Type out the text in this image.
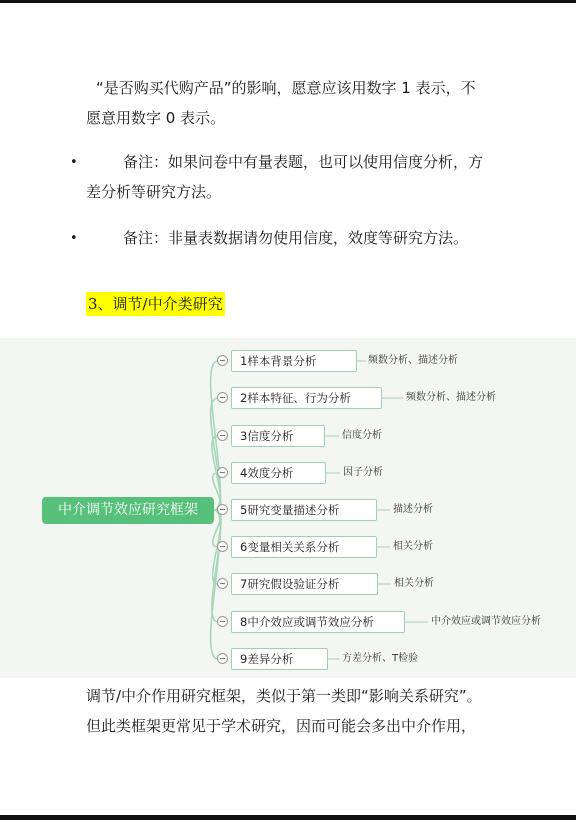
“是否购买代购产品”的影响，愿意应该用数字 1 表示，不
愿意用数字 0 表示。
•	备注：如果问卷中有量表题，也可以使用信度分析，方
差分析等研究方法。
•	备注：非量表数据请勿使用信度，效度等研究方法。
3、调节/中介类研究
中介调节效应研究框架
1样本背景分析	频数分析、描述分析
2样本特征、行为分析	频数分析、描述分析
3信度分析	信度分析
4效度分析	因子分析
5研究变量描述分析	描述分析
6变量相关关系分析	相关分析
7研究假设验证分析	相关分析
8中介效应或调节效应分析	中介效应或调节效应分析
9差异分析	方差分析、T检验
调节/中介作用研究框架，类似于第一类即“影响关系研究”。
但此类框架更常见于学术研究，因而可能会多出中介作用，
